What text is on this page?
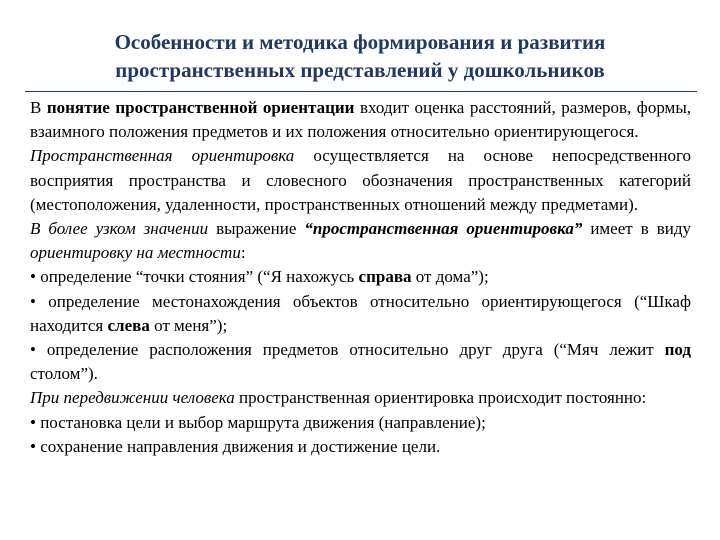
Особенности и методика формирования и развития
пространственных представлений у дошкольников
В понятие пространственной ориентации входит оценка расстояний, размеров, формы, взаимного положения предметов и их положения относительно ориентирующегося.
Пространственная ориентировка осуществляется на основе непосредственного восприятия пространства и словесного обозначения пространственных категорий (местоположения, удаленности, пространственных отношений между предметами).
В более узком значении выражение “пространственная ориентировка” имеет в виду ориентировку на местности:
• определение “точки стояния” (“Я нахожусь справа от дома”);
• определение местонахождения объектов относительно ориентирующегося (“Шкаф находится слева от меня”);
• определение расположения предметов относительно друг друга (“Мяч лежит под столом”).
При передвижении человека пространственная ориентировка происходит постоянно:
• постановка цели и выбор маршрута движения (направление);
• сохранение направления движения и достижение цели.
